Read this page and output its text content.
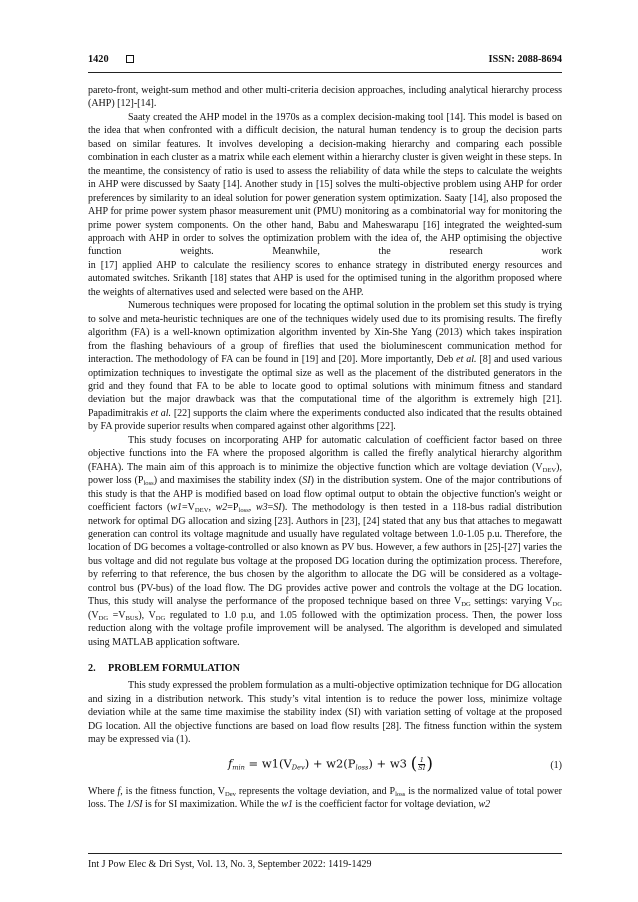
1420	ISSN: 2088-8694

pareto-front, weight-sum method and other multi-criteria decision approaches, including analytical hierarchy process (AHP) [12]-[14].

Saaty created the AHP model in the 1970s as a complex decision-making tool [14]. This model is based on the idea that when confronted with a difficult decision, the natural human tendency is to group the decision parts based on similar features. It involves developing a decision-making hierarchy and comparing each possible combination in each cluster as a matrix while each element within a hierarchy cluster is given weight in these steps. In the meantime, the consistency of ratio is used to assess the reliability of data while the steps to calculate the weights in AHP were discussed by Saaty [14]. Another study in [15] solves the multi-objective problem using AHP for order preferences by similarity to an ideal solution for power generation system optimization. Saaty [14], also proposed the AHP for prime power system phasor measurement unit (PMU) monitoring as a combinatorial way for monitoring the prime power system components. On the other hand, Babu and Maheswarapu [16] integrated the weighted-sum approach with AHP in order to solves the optimization problem with the idea of, the AHP optimising the objective function weights. Meanwhile, the research work

in [17] applied AHP to calculate the resiliency scores to enhance strategy in distributed energy resources and automated switches. Srikanth [18] states that AHP is used for the optimised tuning in the algorithm proposed where the weights of alternatives used and selected were based on the AHP.

Numerous techniques were proposed for locating the optimal solution in the problem set this study is trying to solve and meta-heuristic techniques are one of the techniques widely used due to its promising results. The firefly algorithm (FA) is a well-known optimization algorithm invented by Xin-She Yang (2013) which takes inspiration from the flashing behaviours of a group of fireflies that used the bioluminescent communication method for interaction. The methodology of FA can be found in [19] and [20]. More importantly, Deb et al. [8] and used various optimization techniques to investigate the optimal size as well as the placement of the distributed generators in the grid and they found that FA to be able to locate good to optimal solutions with minimum fitness and standard deviation but the major drawback was that the computational time of the algorithm is extremely high [21]. Papadimitrakis et al. [22] supports the claim where the experiments conducted also indicated that the results obtained by FA provide superior results when compared against other algorithms [22].

This study focuses on incorporating AHP for automatic calculation of coefficient factor based on three objective functions into the FA where the proposed algorithm is called the firefly analytical hierarchy algorithm (FAHA). The main aim of this approach is to minimize the objective function which are voltage deviation $(V_{DEV})$, power loss $(P_{loss})$ and maximises the stability index (SI) in the distribution system. One of the major contributions of this study is that the AHP is modified based on load flow optimal output to obtain the objective function's weight or coefficient factors ($w1=V_{DEV}$, $w2=P_{loss}$, w3=SI). The methodology is then tested in a 118-bus radial distribution network for optimal DG allocation and sizing [23]. Authors in [23], [24] stated that any bus that attaches to megawatt generation can control its voltage magnitude and usually have regulated voltage between 1.0-1.05 p.u. Therefore, the location of DG becomes a voltage-controlled or also known as PV bus. However, a few authors in [25]-[27] varies the bus voltage and did not regulate bus voltage at the proposed DG location during the optimization process. Therefore, by referring to that reference, the bus chosen by the algorithm to allocate the DG will be considered as a voltage-control bus (PV-bus) of the load flow. The DG provides active power and controls the voltage at the DG location. Thus, this study will analyse the performance of the proposed technique based on three $V_{DG}$ settings: varying $V_{DG}$ $(V_{DG} =V_{BUS})$, $V_{DG}$ regulated to 1.0 p.u, and 1.05 followed with the optimization process. Then, the power loss reduction along with the voltage profile improvement will be analysed. The algorithm is developed and simulated using MATLAB application software.

2. PROBLEM FORMULATION

This study expressed the problem formulation as a multi-objective optimization technique for DG allocation and sizing in a distribution network. This study’s vital intention is to reduce the power loss, minimize voltage deviation while at the same time maximise the stability index (SI) with variation setting of voltage at the proposed DG location. All the objective functions are based on load flow results [28]. The fitness function within the system may be expressed via (1).

$f_{min} = w1(V_{Dev}) + w2(P_{loss}) + w3$ ( $\frac{1}{SI}$ )	(1)

Where f, is the fitness function, $V_{Dev}$ represents the voltage deviation, and $P_{loss}$ is the normalized value of total power loss. The 1/SI is for SI maximization. While the w1 is the coefficient factor for voltage deviation, w2

Int J Pow Elec & Dri Syst, Vol. 13, No. 3, September 2022: 1419-1429
